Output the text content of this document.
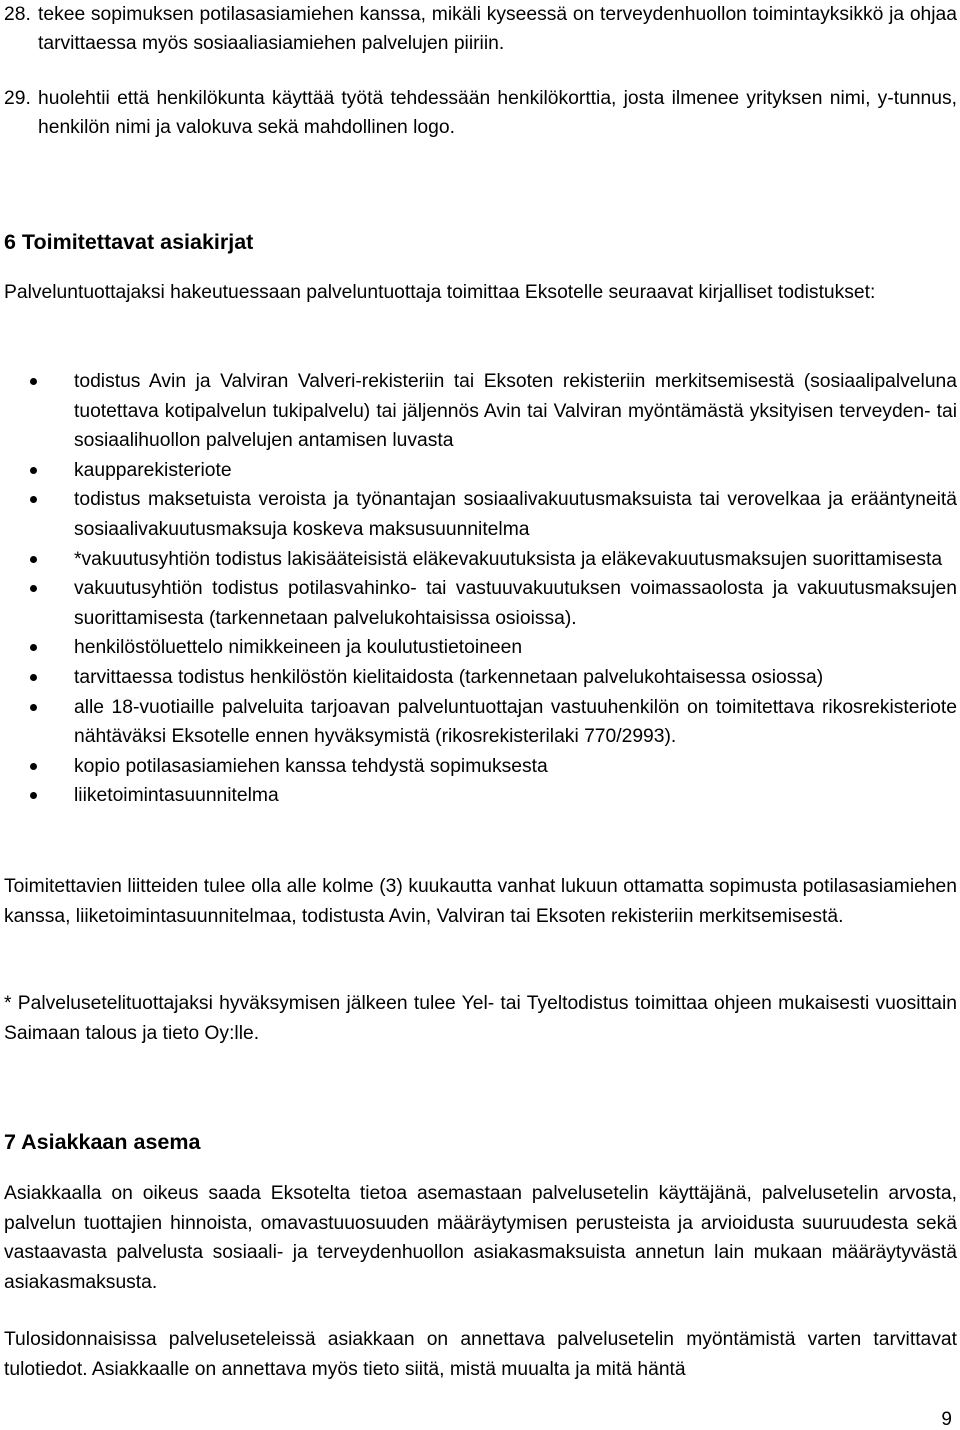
28. tekee sopimuksen potilasasiamiehen kanssa, mikäli kyseessä on terveydenhuollon toimintayksikkö ja ohjaa tarvittaessa myös sosiaaliasiamiehen palvelujen piiriin.
29. huolehtii että henkilökunta käyttää työtä tehdessään henkilökorttia, josta ilmenee yrityksen nimi, y-tunnus, henkilön nimi ja valokuva sekä mahdollinen logo.
6 Toimitettavat asiakirjat

Palveluntuottajaksi hakeutuessaan palveluntuottaja toimittaa Eksotelle seuraavat kirjalliset todistukset:

todistus Avin ja Valviran Valveri-rekisteriin tai Eksoten rekisteriin merkitsemisestä (sosiaalipalveluna tuotettava kotipalvelun tukipalvelu) tai jäljennös Avin tai Valviran myöntämästä yksityisen terveyden- tai sosiaalihuollon palvelujen antamisen luvasta
kaupparekisteriote
todistus maksetuista veroista ja työnantajan sosiaalivakuutusmaksuista tai verovelkaa ja erääntyneitä sosiaalivakuutusmaksuja koskeva maksusuunnitelma
*vakuutusyhtiön todistus lakisääteisistä eläkevakuutuksista ja eläkevakuutusmaksujen suorittamisesta
vakuutusyhtiön todistus potilasvahinko- tai vastuuvakuutuksen voimassaolosta ja vakuutusmaksujen suorittamisesta (tarkennetaan palvelukohtaisissa osioissa).
henkilöstöluettelo nimikkeineen ja koulutustietoineen
tarvittaessa todistus henkilöstön kielitaidosta (tarkennetaan palvelukohtaisessa osiossa)
alle 18-vuotiaille palveluita tarjoavan palveluntuottajan vastuuhenkilön on toimitettava rikosrekisteriote nähtäväksi Eksotelle ennen hyväksymistä (rikosrekisterilaki 770/2993).
kopio potilasasiamiehen kanssa tehdystä sopimuksesta
liiketoimintasuunnitelma

Toimitettavien liitteiden tulee olla alle kolme (3) kuukautta vanhat lukuun ottamatta sopimusta potilasasiamiehen kanssa, liiketoimintasuunnitelmaa, todistusta Avin, Valviran tai Eksoten rekisteriin merkitsemisestä.

* Palvelusetelituottajaksi hyväksymisen jälkeen tulee Yel- tai Tyeltodistus toimittaa ohjeen mukaisesti vuosittain Saimaan talous ja tieto Oy:lle.

7 Asiakkaan asema

Asiakkaalla on oikeus saada Eksotelta tietoa asemastaan palvelusetelin käyttäjänä, palvelusetelin arvosta, palvelun tuottajien hinnoista, omavastuuosuuden määräytymisen perusteista ja arvioidusta suuruudesta sekä vastaavasta palvelusta sosiaali- ja terveydenhuollon asiakasmaksuista annetun lain mukaan määräytyvästä asiakasmaksusta.

Tulosidonnaisissa palveluseteleissä asiakkaan on annettava palvelusetelin myöntämistä varten tarvittavat tulotiedot. Asiakkaalle on annettava myös tieto siitä, mistä muualta ja mitä häntä

9
